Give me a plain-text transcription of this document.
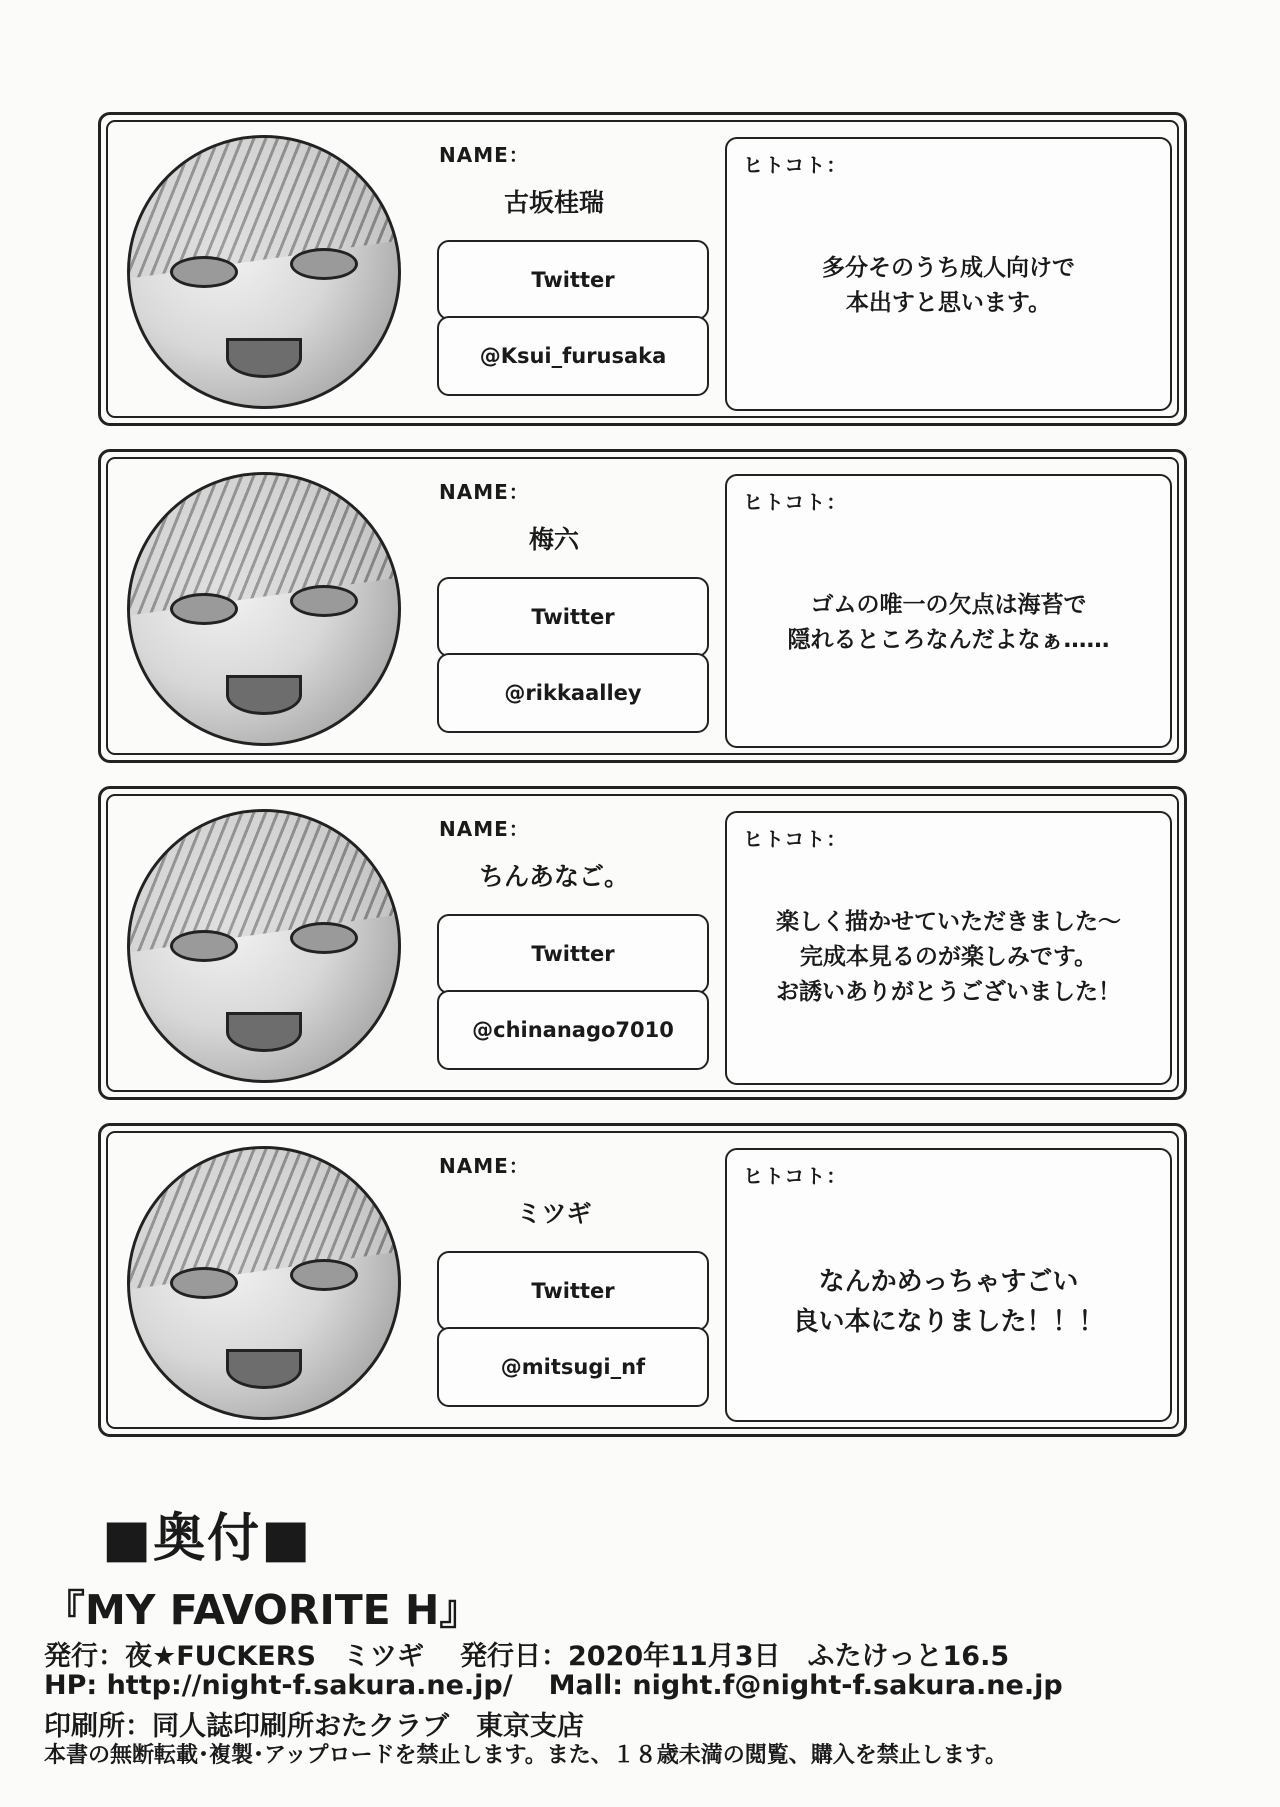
NAME：
古坂桂瑞
Twitter
@Ksui_furusaka
ヒトコト：
多分そのうち成人向けで
本出すと思います。
NAME：
梅六
Twitter
@rikkaalley
ヒトコト：
ゴムの唯一の欠点は海苔で
隠れるところなんだよなぁ……
NAME：
ちんあなご。
Twitter
@chinanago7010
ヒトコト：
楽しく描かせていただきました～
完成本見るのが楽しみです。
お誘いありがとうございました！
NAME：
ミツギ
Twitter
@mitsugi_nf
ヒトコト：
なんかめっちゃすごい
良い本になりました！！！
■奥付■
『MY FAVORITE H』
発行：夜★FUCKERS　ミツギ 発行日：2020年11月3日　ふたけっと16.5
HP: http://night-f.sakura.ne.jp/ Mall: night.f@night-f.sakura.ne.jp
印刷所：同人誌印刷所おたクラブ　東京支店
本書の無断転載･複製･アップロードを禁止します。また、１８歳未満の閲覧、購入を禁止します。
